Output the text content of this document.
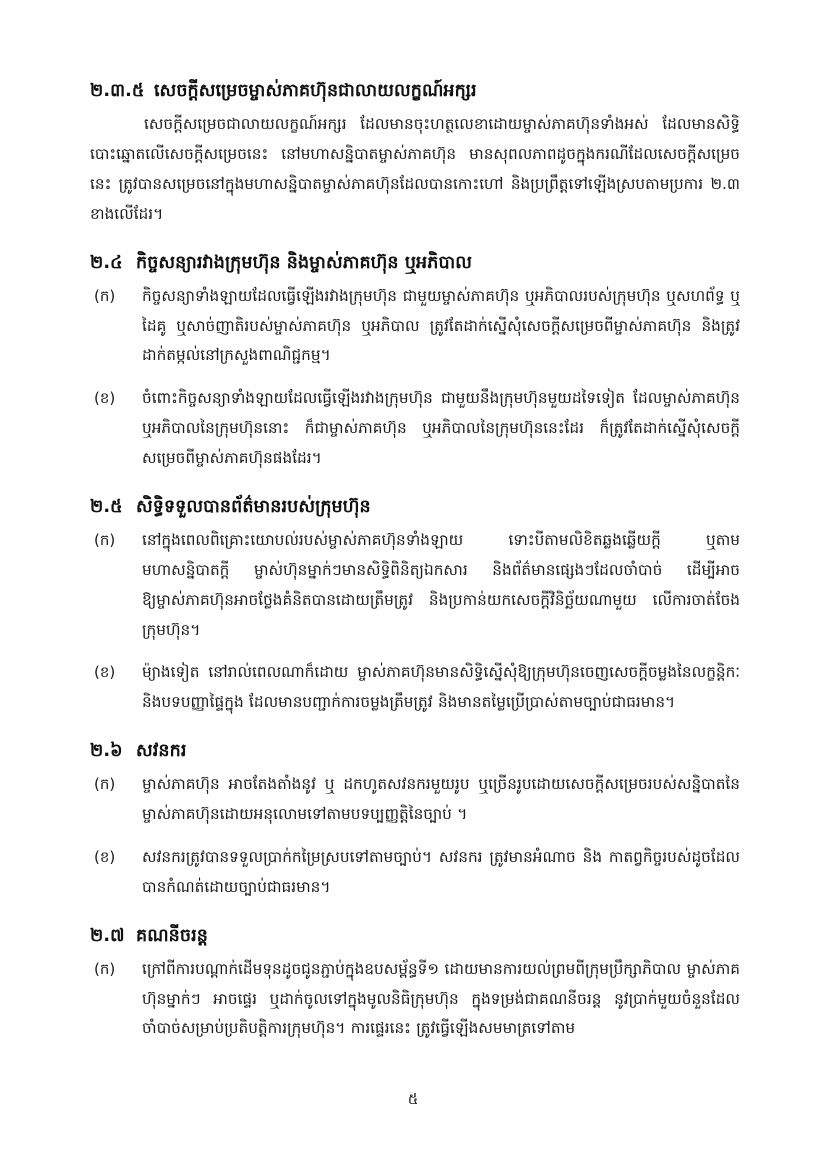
២.៣.៥ សេចក្តីសម្រេចម្ចាស់ភាគហ៊ុនជាលាយលក្ខណ៍អក្សរ
សេចក្តីសម្រេចជាលាយលក្ខណ៍អក្សរ ដែលមានចុះហត្ថលេខាដោយម្ចាស់ភាគហ៊ុនទាំងអស់ ដែលមានសិទ្ធិបោះឆ្នោតលើសេចក្តីសម្រេចនេះ នៅមហាសន្និបាតម្ចាស់ភាគហ៊ុន មានសុពលភាពដូចក្នុងករណីដែលសេចក្តីសម្រេចនេះ ត្រូវបានសម្រេចនៅក្នុងមហាសន្និបាតម្ចាស់ភាគហ៊ុនដែលបានកោះហៅ និងប្រព្រឹត្តទៅឡើងស្របតាមប្រការ ២.៣ ខាងលើដែរ។
២.៤ កិច្ចសន្យារវាងក្រុមហ៊ុន និងម្ចាស់ភាគហ៊ុន ឬអភិបាល
(ក)	កិច្ចសន្យាទាំងឡាយដែលធ្វើឡើងរវាងក្រុមហ៊ុន ជាមួយម្ចាស់ភាគហ៊ុន ឬអភិបាលរបស់ក្រុមហ៊ុន ឬសហព័ទ្ធ ឬដៃគូ ឬសាច់ញាតិរបស់ម្ចាស់ភាគហ៊ុន ឬអភិបាល ត្រូវតែដាក់ស្នើសុំសេចក្តីសម្រេចពីម្ចាស់ភាគហ៊ុន និងត្រូវដាក់តម្កល់នៅក្រសួងពាណិជ្ជកម្ម។
(ខ)	ចំពោះកិច្ចសន្យាទាំងឡាយដែលធ្វើឡើងរវាងក្រុមហ៊ុន ជាមួយនឹងក្រុមហ៊ុនមួយដទៃទៀត ដែលម្ចាស់ភាគហ៊ុន ឬអភិបាលនៃក្រុមហ៊ុននោះ ក៏ជាម្ចាស់ភាគហ៊ុន ឬអភិបាលនៃក្រុមហ៊ុននេះដែរ ក៏ត្រូវតែដាក់ស្នើសុំសេចក្តីសម្រេចពីម្ចាស់ភាគហ៊ុនផងដែរ។
២.៥ សិទ្ធិទទួលបានព័ត៌មានរបស់ក្រុមហ៊ុន
(ក)	នៅក្នុងពេលពិគ្រោះយោបល់របស់ម្ចាស់ភាគហ៊ុនទាំងឡាយ ទោះបីតាមលិខិតឆ្លងឆ្លើយក្តី ឬតាមមហាសន្និបាតក្តី ម្ចាស់ហ៊ុនម្នាក់ៗមានសិទ្ធិពិនិត្យឯកសារ និងព័ត៌មានផ្សេងៗដែលចាំបាច់ ដើម្បីអាចឱ្យម្ចាស់ភាគហ៊ុនអាចថ្លែងគំនិតបានដោយត្រឹមត្រូវ និងប្រកាន់យកសេចក្តីវិនិច្ឆ័យណាមួយ លើការចាត់ចែងក្រុមហ៊ុន។
(ខ)	ម៉្យាងទៀត នៅរាល់ពេលណាក៏ដោយ ម្ចាស់ភាគហ៊ុនមានសិទ្ធិស្នើសុំឱ្យក្រុមហ៊ុនចេញសេចក្តីចម្លងនៃលក្ខន្តិកៈ និងបទបញ្ញាផ្ទៃក្នុង ដែលមានបញ្ជាក់ការចម្លងត្រឹមត្រូវ និងមានតម្លៃប្រើប្រាស់តាមច្បាប់ជាធរមាន។
២.៦ សវនករ
(ក)	ម្ចាស់ភាគហ៊ុន អាចតែងតាំងនូវ ឬ ដកហូតសវនករមួយរូប ឬច្រើនរូបដោយសេចក្តីសម្រេចរបស់សន្និបាតនៃម្ចាស់ភាគហ៊ុនដោយអនុលោមទៅតាមបទប្បញ្ញត្តិនៃច្បាប់ ។
(ខ)	សវនករត្រូវបានទទួលប្រាក់កម្រៃស្របទៅតាមច្បាប់។ សវនករ ត្រូវមានអំណាច និង កាតព្វកិច្ចរបស់ដូចដែលបានកំណត់ដោយច្បាប់ជាធរមាន។
២.៧ គណនីចរន្ត
(ក)	ក្រៅពីការបណ្តាក់ដើមទុនដូចជូនភ្ជាប់ក្នុងឧបសម្ព័ន្ធទី១ ដោយមានការយល់ព្រមពីក្រុមប្រឹក្សាភិបាល ម្ចាស់ភាគហ៊ុនម្នាក់ៗ អាចផ្ទេរ ឬដាក់ចូលទៅក្នុងមូលនិធិក្រុមហ៊ុន ក្នុងទម្រង់ជាគណនីចរន្ត នូវប្រាក់មួយចំនួនដែលចាំបាច់សម្រាប់ប្រតិបត្តិការក្រុមហ៊ុន។ ការផ្ទេរនេះ ត្រូវធ្វើឡើងសមមាត្រទៅតាម
៥
